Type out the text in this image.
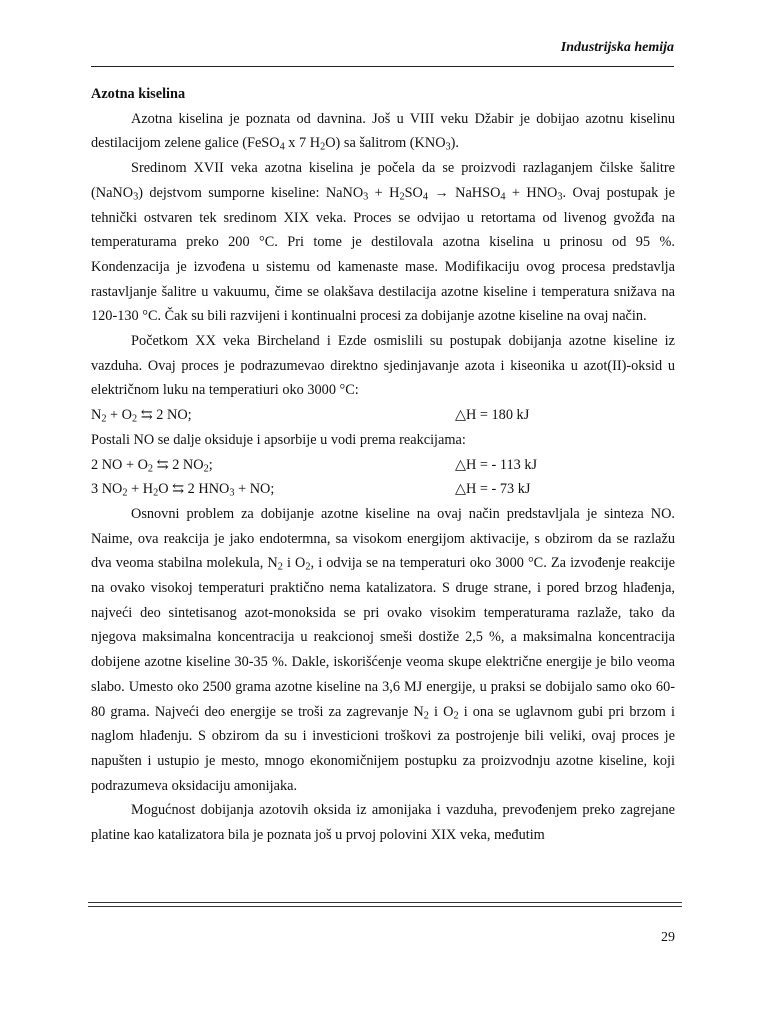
Industrijska hemija

Azotna kiselina

Azotna kiselina je poznata od davnina. Još u VIII veku Džabir je dobijao azotnu kiselinu destilacijom zelene galice (FeSO$_4$ x 7 $H_2O$) sa šalitrom $(KNO_3)$.

Sredinom XVII veka azotna kiselina je počela da se proizvodi razlaganjem čilske šalitre (NaNO$_3$) dejstvom sumporne kiseline: NaNO$_3$ + $H_2SO_4$ → NaHSO$_4$ + $HNO_3$. Ovaj postupak je tehnički ostvaren tek sredinom XIX veka. Proces se odvijao u retortama od livenog gvožđa na temperaturama preko 200 °C. Pri tome je destilovala azotna kiselina u prinosu od 95 %. Kondenzacija je izvođena u sistemu od kamenaste mase. Modifikaciju ovog procesa predstavlja rastavljanje šalitre u vakuumu, čime se olakšava destilacija azotne kiseline i temperatura snižava na 120-130 °C. Čak su bili razvijeni i kontinualni procesi za dobijanje azotne kiseline na ovaj način.

Početkom XX veka Bircheland i Ezde osmislili su postupak dobijanja azotne kiseline iz vazduha. Ovaj proces je podrazumevao direktno sjedinjavanje azota i kiseonika u azot(II)-oksid u električnom luku na temperatiuri oko 3000 °C:

$N_2 + O_2$ ⇆ 2 NO;	△H = 180 kJ

Postali NO se dalje oksiduje i apsorbije u vodi prema reakcijama:

2 NO + $O_2$ ⇆ 2 $NO_2$;	△H = - 113 kJ
3 $NO_2 + H_2O$ ⇆ 2 $HNO_3$ + NO;	△H = - 73 kJ

Osnovni problem za dobijanje azotne kiseline na ovaj način predstavljala je sinteza NO. Naime, ova reakcija je jako endotermna, sa visokom energijom aktivacije, s obzirom da se razlažu dva veoma stabilna molekula, $N_2$ i $O_2$, i odvija se na temperaturi oko 3000 °C. Za izvođenje reakcije na ovako visokoj temperaturi praktično nema katalizatora. S druge strane, i pored brzog hlađenja, najveći deo sintetisanog azot-monoksida se pri ovako visokim temperaturama razlaže, tako da njegova maksimalna koncentracija u reakcionoj smeši dostiže 2,5 %, a maksimalna koncentracija dobijene azotne kiseline 30-35 %. Dakle, iskorišćenje veoma skupe električne energije je bilo veoma slabo. Umesto oko 2500 grama azotne kiseline na 3,6 MJ energije, u praksi se dobijalo samo oko 60-80 grama. Najveći deo energije se troši za zagrevanje $N_2$ i $O_2$ i ona se uglavnom gubi pri brzom i naglom hlađenju. S obzirom da su i investicioni troškovi za postrojenje bili veliki, ovaj proces je napušten i ustupio je mesto, mnogo ekonomičnijem postupku za proizvodnju azotne kiseline, koji podrazumeva oksidaciju amonijaka.

Mogućnost dobijanja azotovih oksida iz amonijaka i vazduha, prevođenjem preko zagrejane platine kao katalizatora bila je poznata još u prvoj polovini XIX veka, međutim

29
